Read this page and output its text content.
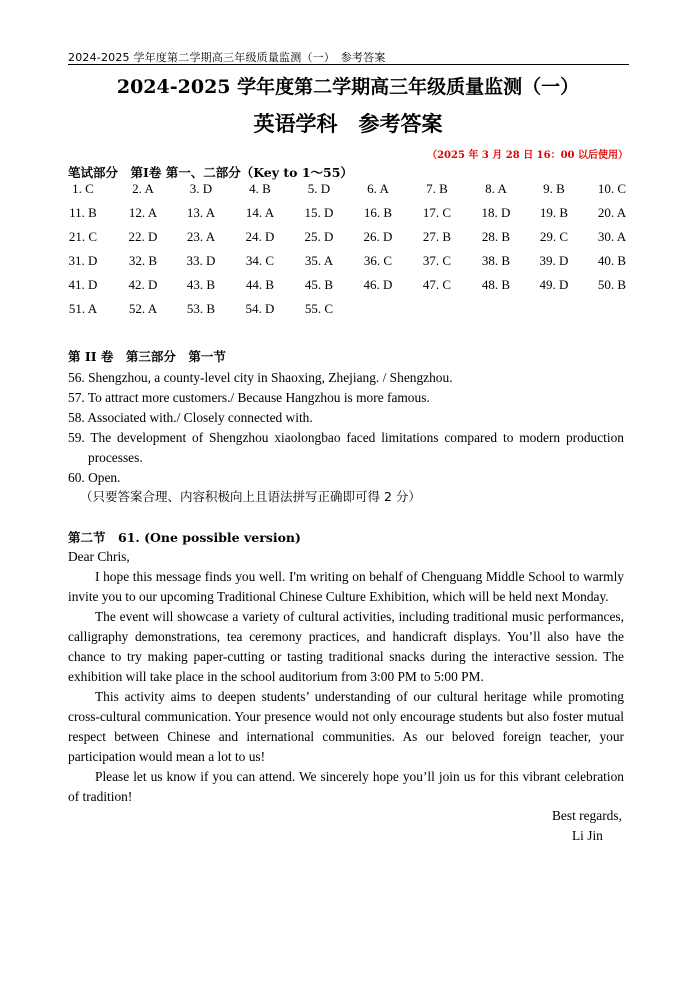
2024-2025 学年度第二学期高三年级质量监测（一）　参考答案
2024-2025 学年度第二学期高三年级质量监测（一）
英语学科　参考答案
（2025 年 3 月 28 日 16：00 以后使用）
笔试部分　第Ⅰ卷 第一、二部分（Key to 1～55）
1. C	2. A	3. D	4. B	5. D	6. A	7. B	8. A	9. B	10. C
11. B	12. A	13. A	14. A	15. D	16. B	17. C	18. D	19. B	20. A
21. C	22. D	23. A	24. D	25. D	26. D	27. B	28. B	29. C	30. A
31. D	32. B	33. D	34. C	35. A	36. C	37. C	38. B	39. D	40. B
41. D	42. D	43. B	44. B	45. B	46. D	47. C	48. B	49. D	50. B
51. A	52. A	53. B	54. D	55. C
第 II 卷　第三部分　第一节
56. Shengzhou, a county-level city in Shaoxing, Zhejiang. / Shengzhou.
57. To attract more customers./ Because Hangzhou is more famous.
58. Associated with./ Closely connected with.
59. The development of Shengzhou xiaolongbao faced limitations compared to modern production processes.
60. Open.
（只要答案合理、内容积极向上且语法拼写正确即可得 2 分）
第二节　61. (One possible version)

Dear Chris,

I hope this message finds you well. I'm writing on behalf of Chenguang Middle School to warmly invite you to our upcoming Traditional Chinese Culture Exhibition, which will be held next Monday.

The event will showcase a variety of cultural activities, including traditional music performances, calligraphy demonstrations, tea ceremony practices, and handicraft displays. You’ll also have the chance to try making paper-cutting or tasting traditional snacks during the interactive session. The exhibition will take place in the school auditorium from 3:00 PM to 5:00 PM.

This activity aims to deepen students’ understanding of our cultural heritage while promoting cross-cultural communication. Your presence would not only encourage students but also foster mutual respect between Chinese and international communities. As our beloved foreign teacher, your participation would mean a lot to us!

Please let us know if you can attend. We sincerely hope you’ll join us for this vibrant celebration of tradition!

Best regards,
Li Jin
